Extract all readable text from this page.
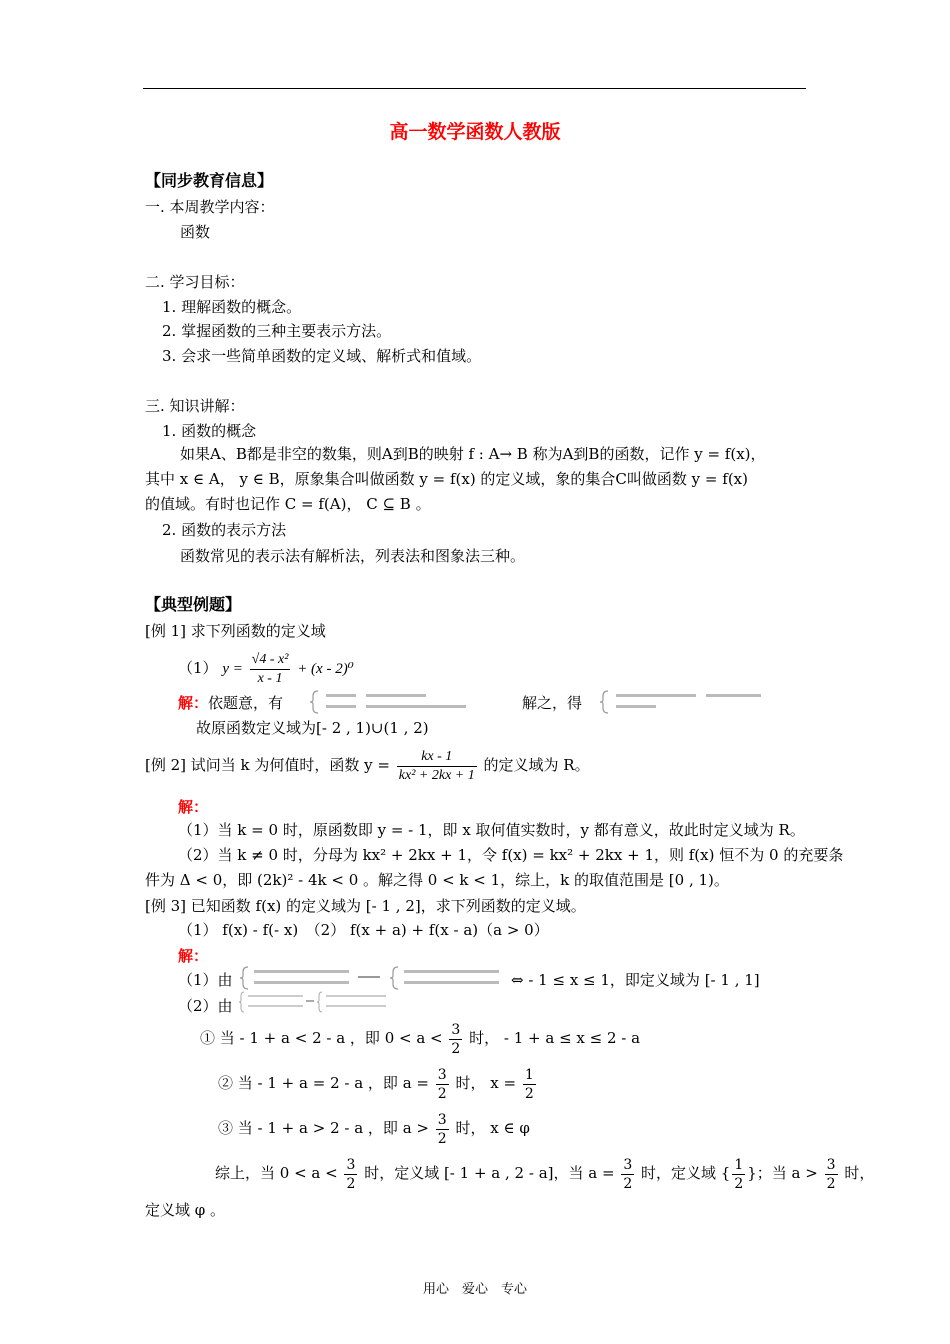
高一数学函数人教版
【同步教育信息】
一. 本周教学内容：
函数
二. 学习目标：
1. 理解函数的概念。
2. 掌握函数的三种主要表示方法。
3. 会求一些简单函数的定义域、解析式和值域。
三. 知识讲解：
1. 函数的概念
如果A、B都是非空的数集，则A到B的映射 f : A→ B 称为A到B的函数，记作 y = f(x)，
其中 x ∈ A， y ∈ B，原象集合叫做函数 y = f(x) 的定义域，象的集合C叫做函数 y = f(x)
的值域。有时也记作 C = f(A)， C ⊆ B 。
2. 函数的表示方法
函数常见的表示法有解析法，列表法和图象法三种。
【典型例题】
[例 1] 求下列函数的定义域
（1） $y = \frac{\text{√4 - x²}}{x - 1} + (x - 2)^0$
解：依题意，有	解之，得
故原函数定义域为[- 2 , 1)∪(1 , 2)
[例 2] 试问当 k 为何值时，函数 $y = \frac{kx - 1}{\text{kx² + 2kx + 1}}$ 的定义域为 R。
解：
（1）当 k = 0 时，原函数即 y = - 1，即 x 取何值实数时，y 都有意义，故此时定义域为 R。
（2）当 k ≠ 0 时，分母为 kx² + 2kx + 1，令 f(x) = kx² + 2kx + 1，则 f(x) 恒不为 0 的充要条
件为 Δ < 0，即 (2k)² - 4k < 0 。解之得 0 < k < 1，综上，k 的取值范围是 [0 , 1)。
[例 3] 已知函数 f(x) 的定义域为 [- 1 , 2]，求下列函数的定义域。
（1） f(x) - f(- x)　（2） f(x + a) + f(x - a)（a > 0）
解：
（1）由	⇔ - 1 ≤ x ≤ 1，即定义域为 [- 1 , 1]
（2）由
① 当 - 1 + a < 2 - a ，即 $0 < a < \frac{3}{2}$ 时， - 1 + a ≤ x ≤ 2 - a
② 当 - 1 + a = 2 - a ，即 $a = \frac{3}{2}$ 时， $x = \frac{1}{2}$
③ 当 - 1 + a > 2 - a ，即 $a > \frac{3}{2}$ 时， x ∈ φ
综上，当 $0 < a < \frac{3}{2}$ 时，定义域 [- 1 + a , 2 - a]，当 $a = \frac{3}{2}$ 时，定义域 { $\frac{1}{2}$ }；当 $a > \frac{3}{2}$ 时，
定义域 φ 。
用心　爱心　专心
